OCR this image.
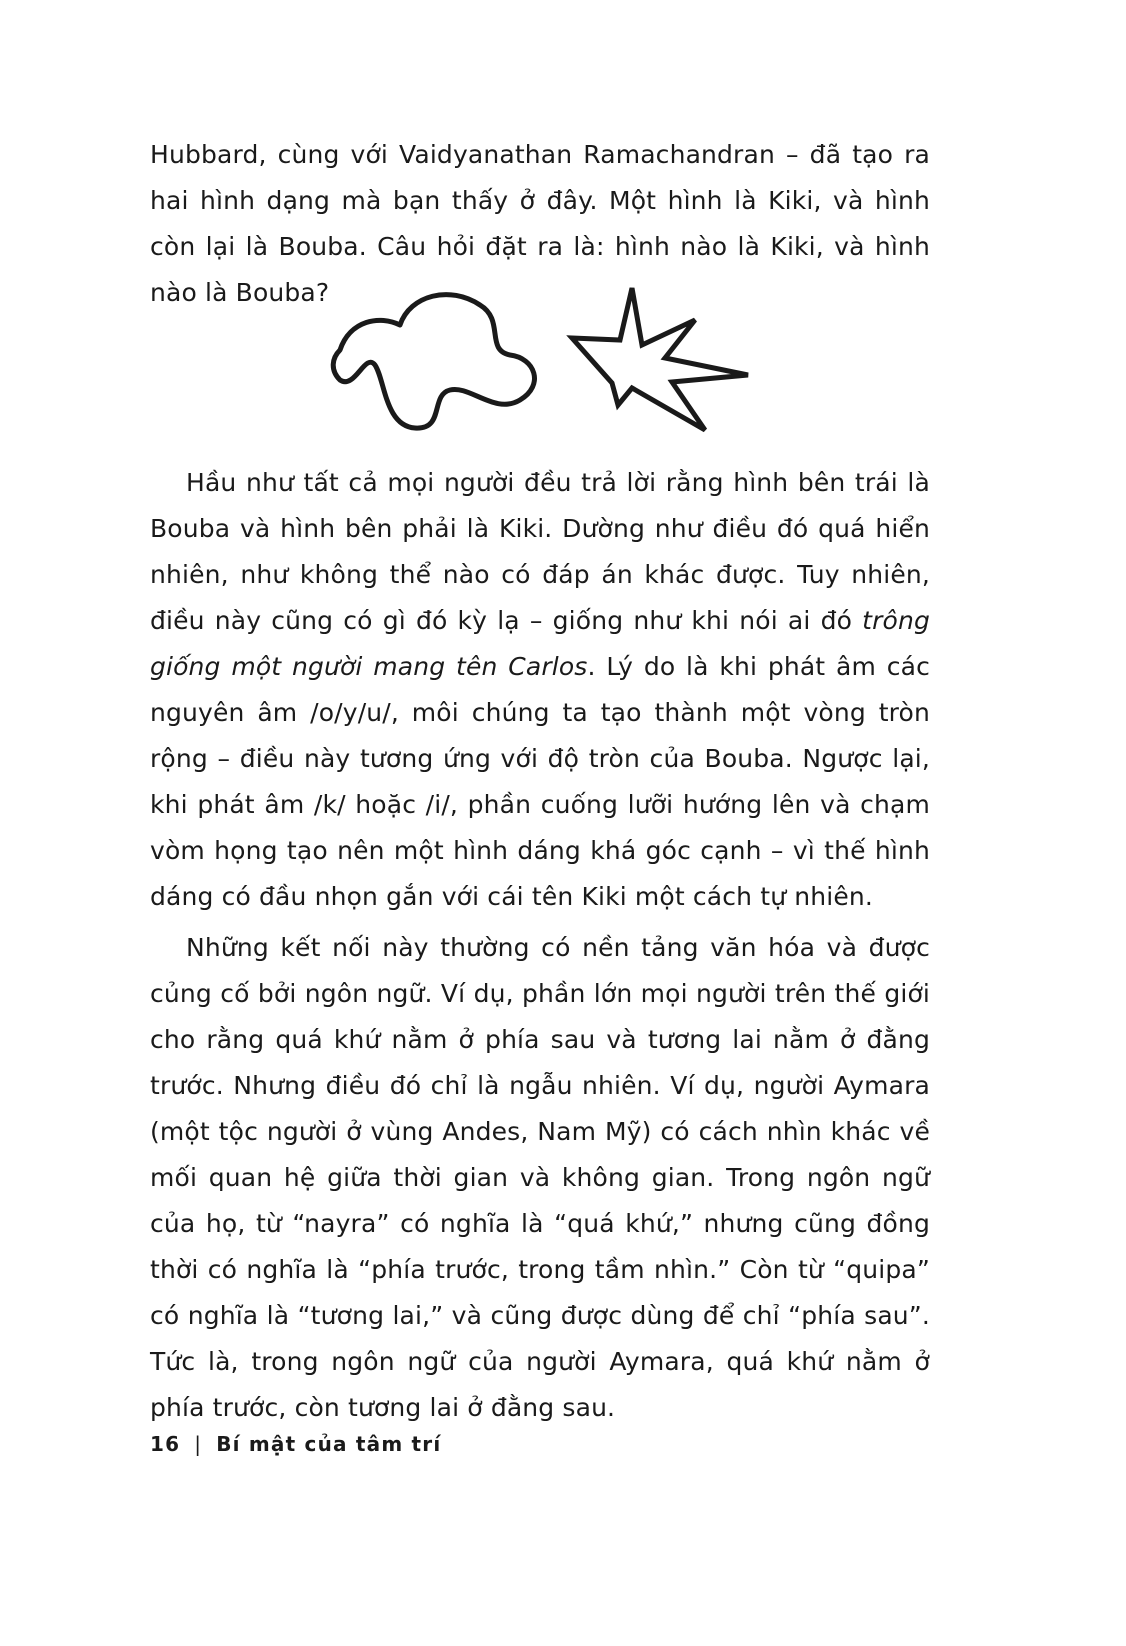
Hubbard, cùng với Vaidyanathan Ramachandran – đã tạo ra hai hình dạng mà bạn thấy ở đây. Một hình là Kiki, và hình còn lại là Bouba. Câu hỏi đặt ra là: hình nào là Kiki, và hình nào là Bouba?

Hầu như tất cả mọi người đều trả lời rằng hình bên trái là Bouba và hình bên phải là Kiki. Dường như điều đó quá hiển nhiên, như không thể nào có đáp án khác được. Tuy nhiên, điều này cũng có gì đó kỳ lạ – giống như khi nói ai đó trông giống một người mang tên Carlos. Lý do là khi phát âm các nguyên âm /o/y/u/, môi chúng ta tạo thành một vòng tròn rộng – điều này tương ứng với độ tròn của Bouba. Ngược lại, khi phát âm /k/ hoặc /i/, phần cuống lưỡi hướng lên và chạm vòm họng tạo nên một hình dáng khá góc cạnh – vì thế hình dáng có đầu nhọn gắn với cái tên Kiki một cách tự nhiên.

Những kết nối này thường có nền tảng văn hóa và được củng cố bởi ngôn ngữ. Ví dụ, phần lớn mọi người trên thế giới cho rằng quá khứ nằm ở phía sau và tương lai nằm ở đằng trước. Nhưng điều đó chỉ là ngẫu nhiên. Ví dụ, người Aymara (một tộc người ở vùng Andes, Nam Mỹ) có cách nhìn khác về mối quan hệ giữa thời gian và không gian. Trong ngôn ngữ của họ, từ “nayra” có nghĩa là “quá khứ,” nhưng cũng đồng thời có nghĩa là “phía trước, trong tầm nhìn.” Còn từ “quipa” có nghĩa là “tương lai,” và cũng được dùng để chỉ “phía sau”. Tức là, trong ngôn ngữ của người Aymara, quá khứ nằm ở phía trước, còn tương lai ở đằng sau.

16 | Bí mật của tâm trí
